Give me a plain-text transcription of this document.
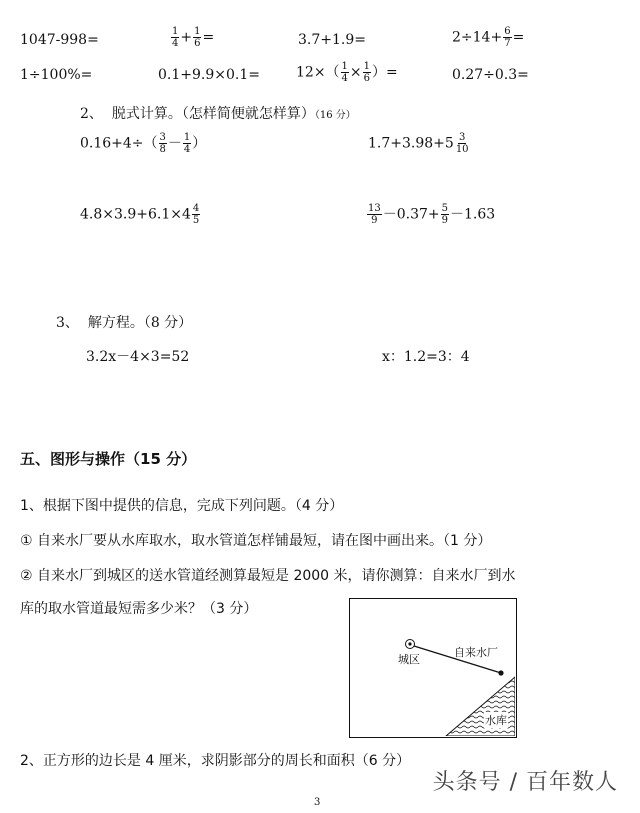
1047-998=	$\frac{1}{4} + \frac{1}{6}$ =	3.7+1.9=	$2\div 14+ \frac{6}{7}$ =
1÷100%=	0.1+9.9×0.1=	$12\times( \frac{1}{4} \times \frac{1}{6}$ ）=	0.27÷0.3=
2、 脱式计算。（怎样简便就怎样算）（16 分）
$0.16+4\div( \frac{3}{8} - \frac{1}{4}$ ）	$1.7+3.98+5 \frac{3}{10}$
$4.8\times 3.9+6.1\times 4 \frac{4}{5}$	$\frac{13}{9} -0.37+ \frac{5}{9} -1.63$
3、 解方程。（8 分）
3.2x－4×3=52	x：1.2=3：4
五、图形与操作（15 分）
1、根据下图中提供的信息，完成下列问题。（4 分）
① 自来水厂要从水库取水，取水管道怎样铺最短，请在图中画出来。（1 分）
② 自来水厂到城区的送水管道经测算最短是 2000 米，请你测算：自来水厂到水
库的取水管道最短需多少米？（3 分）
城区
自来水厂
水库
2、正方形的边长是 4 厘米，求阴影部分的周长和面积（6 分）
3
头条号 / 百年数人
